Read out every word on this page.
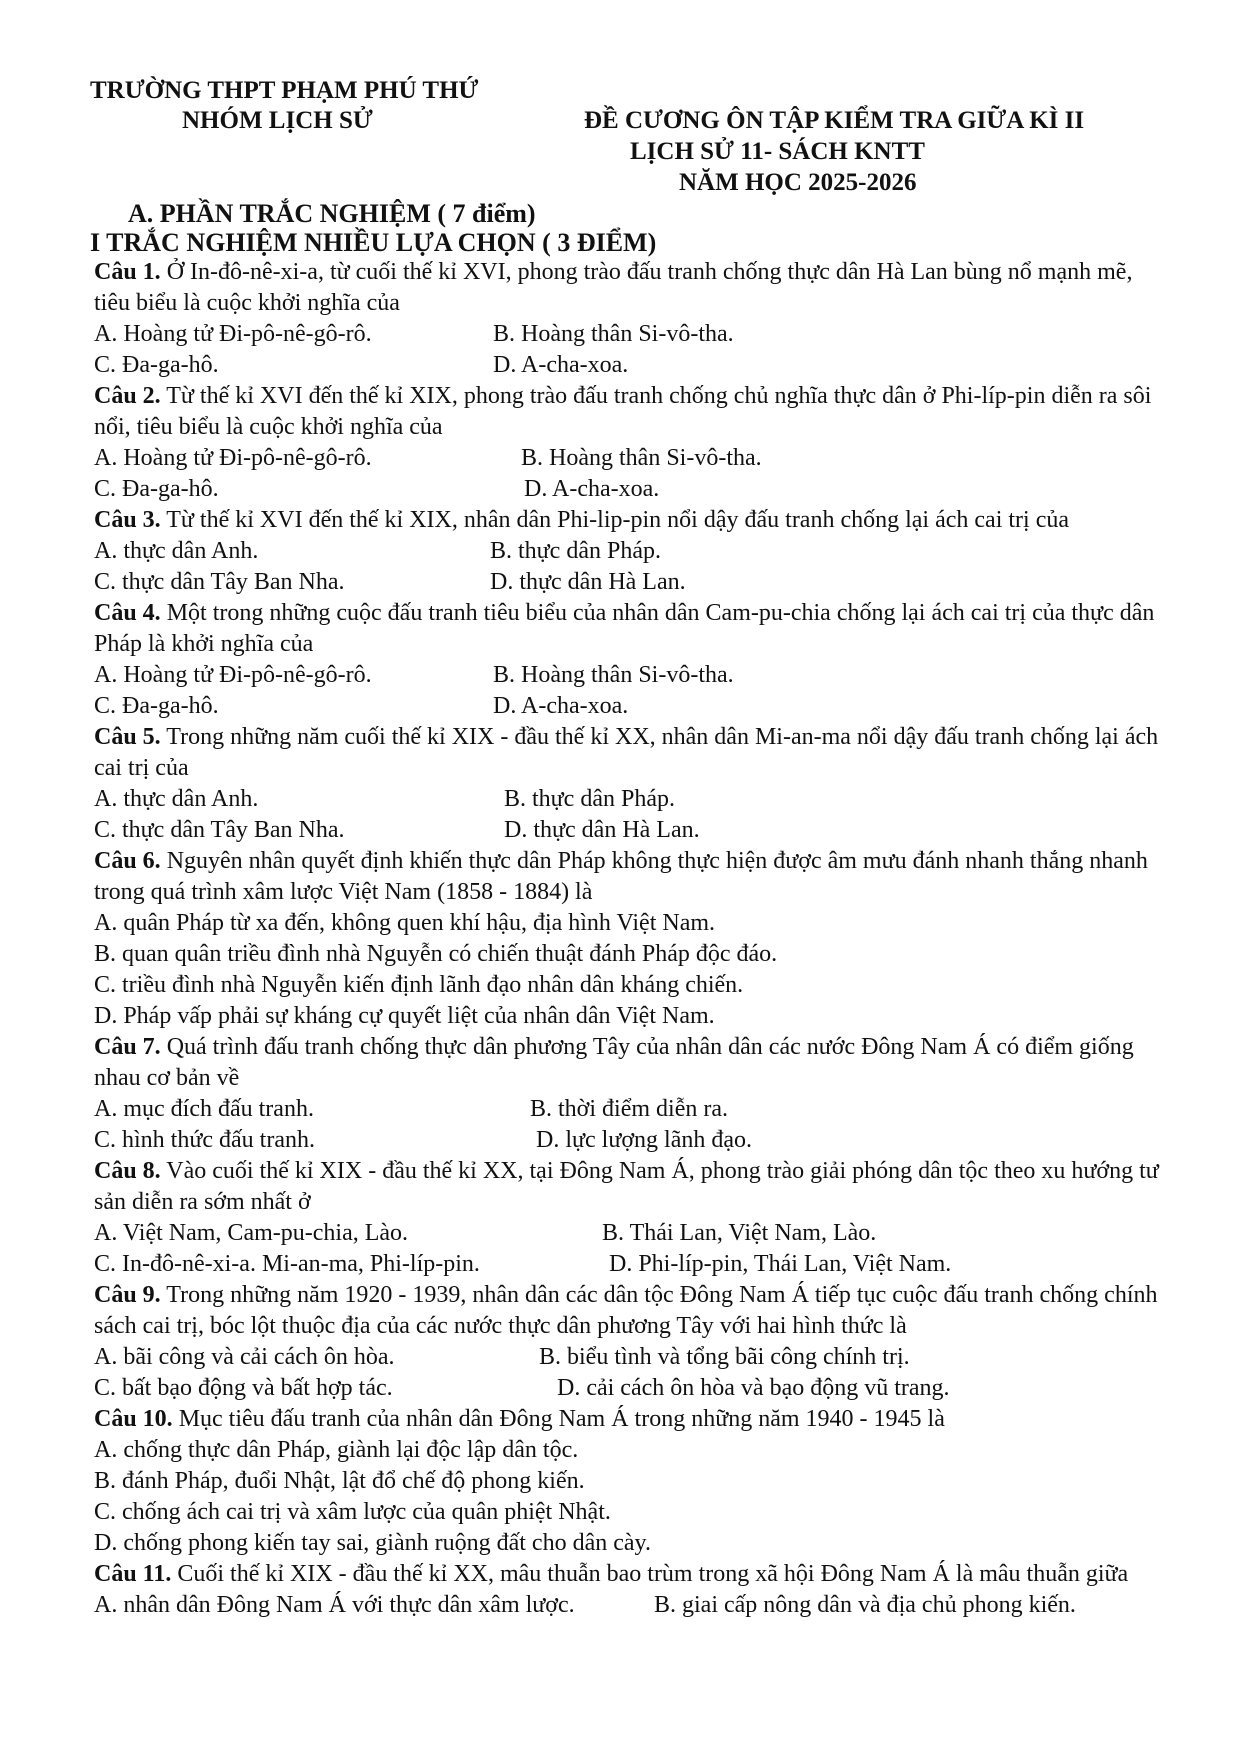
TRƯỜNG THPT PHẠM PHÚ THỨ
NHÓM LỊCH SỬ	ĐỀ CƯƠNG ÔN TẬP KIỂM TRA GIỮA KÌ II
LỊCH SỬ 11- SÁCH KNTT
NĂM HỌC 2025-2026
A. PHẦN TRẮC NGHIỆM ( 7 điểm)
I TRẮC NGHIỆM NHIỀU LỰA CHỌN ( 3 ĐIỂM)

Câu 1. Ở In-đô-nê-xi-a, từ cuối thế kỉ XVI, phong trào đấu tranh chống thực dân Hà Lan bùng nổ mạnh mẽ, tiêu biểu là cuộc khởi nghĩa của

A. Hoàng tử Đi-pô-nê-gô-rô.	B. Hoàng thân Si-vô-tha.
C. Đa-ga-hô.	D. A-cha-xoa.

Câu 2. Từ thế kỉ XVI đến thế kỉ XIX, phong trào đấu tranh chống chủ nghĩa thực dân ở Phi-líp-pin diễn ra sôi nổi, tiêu biểu là cuộc khởi nghĩa của

A. Hoàng tử Đi-pô-nê-gô-rô.	B. Hoàng thân Si-vô-tha.
C. Đa-ga-hô.	D. A-cha-xoa.

Câu 3. Từ thế kỉ XVI đến thế kỉ XIX, nhân dân Phi-lip-pin nổi dậy đấu tranh chống lại ách cai trị của

A. thực dân Anh.	B. thực dân Pháp.
C. thực dân Tây Ban Nha.	D. thực dân Hà Lan.

Câu 4. Một trong những cuộc đấu tranh tiêu biểu của nhân dân Cam-pu-chia chống lại ách cai trị của thực dân Pháp là khởi nghĩa của

A. Hoàng tử Đi-pô-nê-gô-rô.	B. Hoàng thân Si-vô-tha.
C. Đa-ga-hô.	D. A-cha-xoa.

Câu 5. Trong những năm cuối thế kỉ XIX - đầu thế kỉ XX, nhân dân Mi-an-ma nổi dậy đấu tranh chống lại ách cai trị của

A. thực dân Anh.	B. thực dân Pháp.
C. thực dân Tây Ban Nha.	D. thực dân Hà Lan.

Câu 6. Nguyên nhân quyết định khiến thực dân Pháp không thực hiện được âm mưu đánh nhanh thắng nhanh trong quá trình xâm lược Việt Nam (1858 - 1884) là

A. quân Pháp từ xa đến, không quen khí hậu, địa hình Việt Nam.

B. quan quân triều đình nhà Nguyễn có chiến thuật đánh Pháp độc đáo.

C. triều đình nhà Nguyễn kiến định lãnh đạo nhân dân kháng chiến.

D. Pháp vấp phải sự kháng cự quyết liệt của nhân dân Việt Nam.

Câu 7. Quá trình đấu tranh chống thực dân phương Tây của nhân dân các nước Đông Nam Á có điểm giống nhau cơ bản về

A. mục đích đấu tranh.	B. thời điểm diễn ra.
C. hình thức đấu tranh.	D. lực lượng lãnh đạo.

Câu 8. Vào cuối thế kỉ XIX - đầu thế kỉ XX, tại Đông Nam Á, phong trào giải phóng dân tộc theo xu hướng tư sản diễn ra sớm nhất ở

A. Việt Nam, Cam-pu-chia, Lào.	B. Thái Lan, Việt Nam, Lào.
C. In-đô-nê-xi-a. Mi-an-ma, Phi-líp-pin.	D. Phi-líp-pin, Thái Lan, Việt Nam.

Câu 9. Trong những năm 1920 - 1939, nhân dân các dân tộc Đông Nam Á tiếp tục cuộc đấu tranh chống chính sách cai trị, bóc lột thuộc địa của các nước thực dân phương Tây với hai hình thức là

A. bãi công và cải cách ôn hòa.	B. biểu tình và tổng bãi công chính trị.
C. bất bạo động và bất hợp tác.	D. cải cách ôn hòa và bạo động vũ trang.

Câu 10. Mục tiêu đấu tranh của nhân dân Đông Nam Á trong những năm 1940 - 1945 là

A. chống thực dân Pháp, giành lại độc lập dân tộc.

B. đánh Pháp, đuổi Nhật, lật đổ chế độ phong kiến.

C. chống ách cai trị và xâm lược của quân phiệt Nhật.

D. chống phong kiến tay sai, giành ruộng đất cho dân cày.

Câu 11. Cuối thế kỉ XIX - đầu thế kỉ XX, mâu thuẫn bao trùm trong xã hội Đông Nam Á là mâu thuẫn giữa

A. nhân dân Đông Nam Á với thực dân xâm lược.	B. giai cấp nông dân và địa chủ phong kiến.
